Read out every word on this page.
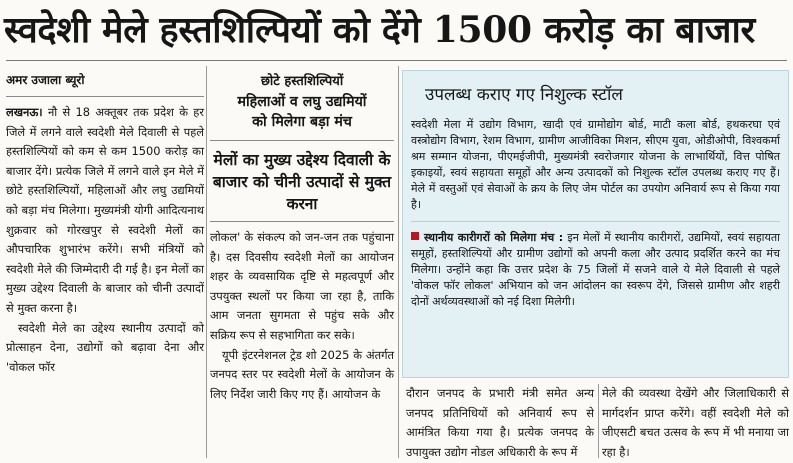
स्वदेशी मेले हस्तशिल्पियों को देंगे 1500 करोड़ का बाजार
अमर उजाला ब्यूरो

लखनऊ। नौ से 18 अक्तूबर तक प्रदेश के हर जिले में लगने वाले स्वदेशी मेले दिवाली से पहले हस्तशिल्पियों को कम से कम 1500 करोड़ का बाजार देंगे। प्रत्येक जिले में लगने वाले इन मेले में छोटे हस्तशिल्पियों, महिलाओं और लघु उद्यमियों को बड़ा मंच मिलेगा। मुख्यमंत्री योगी आदित्यनाथ शुक्रवार को गोरखपुर से स्वदेशी मेलों का औपचारिक शुभारंभ करेंगे। सभी मंत्रियों को स्वदेशी मेले की जिम्मेदारी दी गई है। इन मेलों का मुख्य उद्देश्य दिवाली के बाजार को चीनी उत्पादों से मुक्त करना है।

स्वदेशी मेले का उद्देश्य स्थानीय उत्पादों को प्रोत्साहन देना, उद्योगों को बढ़ावा देना और 'वोकल फॉर

छोटे हस्तशिल्पियों
महिलाओं व लघु उद्यमियों
को मिलेगा बड़ा मंच
मेलों का मुख्य उद्देश्य दिवाली के बाजार को चीनी उत्पादों से मुक्त करना

लोकल' के संकल्प को जन-जन तक पहुंचाना है। दस दिवसीय स्वदेशी मेलों का आयोजन शहर के व्यवसायिक दृष्टि से महत्वपूर्ण और उपयुक्त स्थलों पर किया जा रहा है, ताकि आम जनता सुगमता से पहुंच सके और सक्रिय रूप से सहभागिता कर सके।

यूपी इंटरनेशनल ट्रेड शो 2025 के अंतर्गत जनपद स्तर पर स्वदेशी मेलों के आयोजन के लिए निर्देश जारी किए गए हैं। आयोजन के

उपलब्ध कराए गए निशुल्क स्टॉल
स्वदेशी मेला में उद्योग विभाग, खादी एवं ग्रामोद्योग बोर्ड, माटी कला बोर्ड, हथकरघा एवं वस्त्रोद्योग विभाग, रेशम विभाग, ग्रामीण आजीविका मिशन, सीएम युवा, ओडीओपी, विश्वकर्मा श्रम सम्मान योजना, पीएमईजीपी, मुख्यमंत्री स्वरोजगार योजना के लाभार्थियों, वित्त पोषित इकाइयों, स्वयं सहायता समूहों और अन्य उत्पादकों को निशुल्क स्टॉल उपलब्ध कराए गए हैं। मेले में वस्तुओं एवं सेवाओं के क्रय के लिए जेम पोर्टल का उपयोग अनिवार्य रूप से किया गया है।
स्थानीय कारीगरों को मिलेगा मंच : इन मेलों में स्थानीय कारीगरों, उद्यमियों, स्वयं सहायता समूहों, हस्तशिल्पियों और ग्रामीण उद्योगों को अपनी कला और उत्पाद प्रदर्शित करने का मंच मिलेगा। उन्होंने कहा कि उत्तर प्रदेश के 75 जिलों में सजने वाले ये मेले दिवाली से पहले 'वोकल फॉर लोकल' अभियान को जन आंदोलन का स्वरूप देंगे, जिससे ग्रामीण और शहरी दोनों अर्थव्यवस्थाओं को नई दिशा मिलेगी।
दौरान जनपद के प्रभारी मंत्री समेत अन्य जनपद प्रतिनिधियों को अनिवार्य रूप से आमंत्रित किया गया है। प्रत्येक जनपद के उपायुक्त उद्योग नोडल अधिकारी के रूप में
मेले की व्यवस्था देखेंगे और जिलाधिकारी से मार्गदर्शन प्राप्त करेंगे। वहीं स्वदेशी मेले को जीएसटी बचत उत्सव के रूप में भी मनाया जा रहा है।
